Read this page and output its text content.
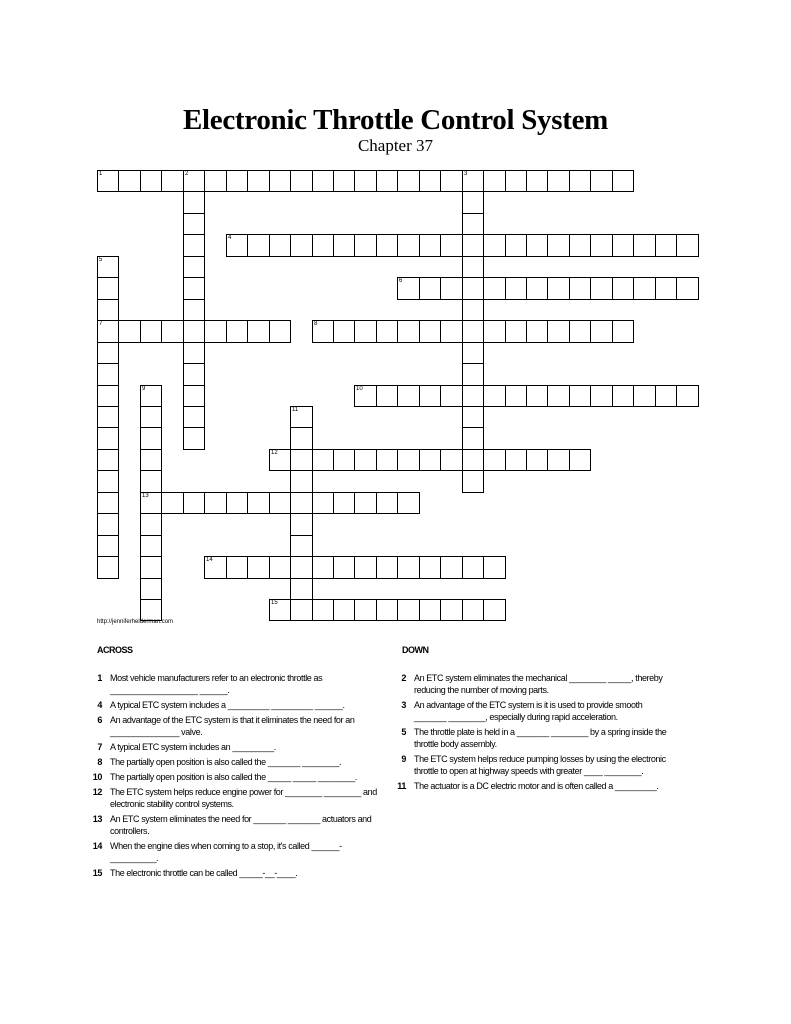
Electronic Throttle Control System
Chapter 37
1	2	3
4
5
7
6
8
9
13
10
11
12
14
15
http://jenniferhelderman.com
ACROSS	DOWN
1 Most vehicle manufacturers refer to an electronic throttle as ___________________ ______.
4 A typical ETC system includes a _________ _________ ______.
6 An advantage of the ETC system is that it eliminates the need for an _______________ valve.
7 A typical ETC system includes an _________.
8 The partially open position is also called the _______ ________.
10 The partially open position is also called the _____ _____ ________.
12 The ETC system helps reduce engine power for ________ ________ and electronic stability control systems.
13 An ETC system eliminates the need for _______ _______ actuators and controllers.
14 When the engine dies when coming to a stop, it's called ______-__________.
15 The electronic throttle can be called _____-__-____.
2 An ETC system eliminates the mechanical ________ _____, thereby reducing the number of moving parts.
3 An advantage of the ETC system is it is used to provide smooth _______ ________, especially during rapid acceleration.
5 The throttle plate is held in a _______ ________ by a spring inside the throttle body assembly.
9 The ETC system helps reduce pumping losses by using the electronic throttle to open at highway speeds with greater ____ ________.
11 The actuator is a DC electric motor and is often called a _________.
